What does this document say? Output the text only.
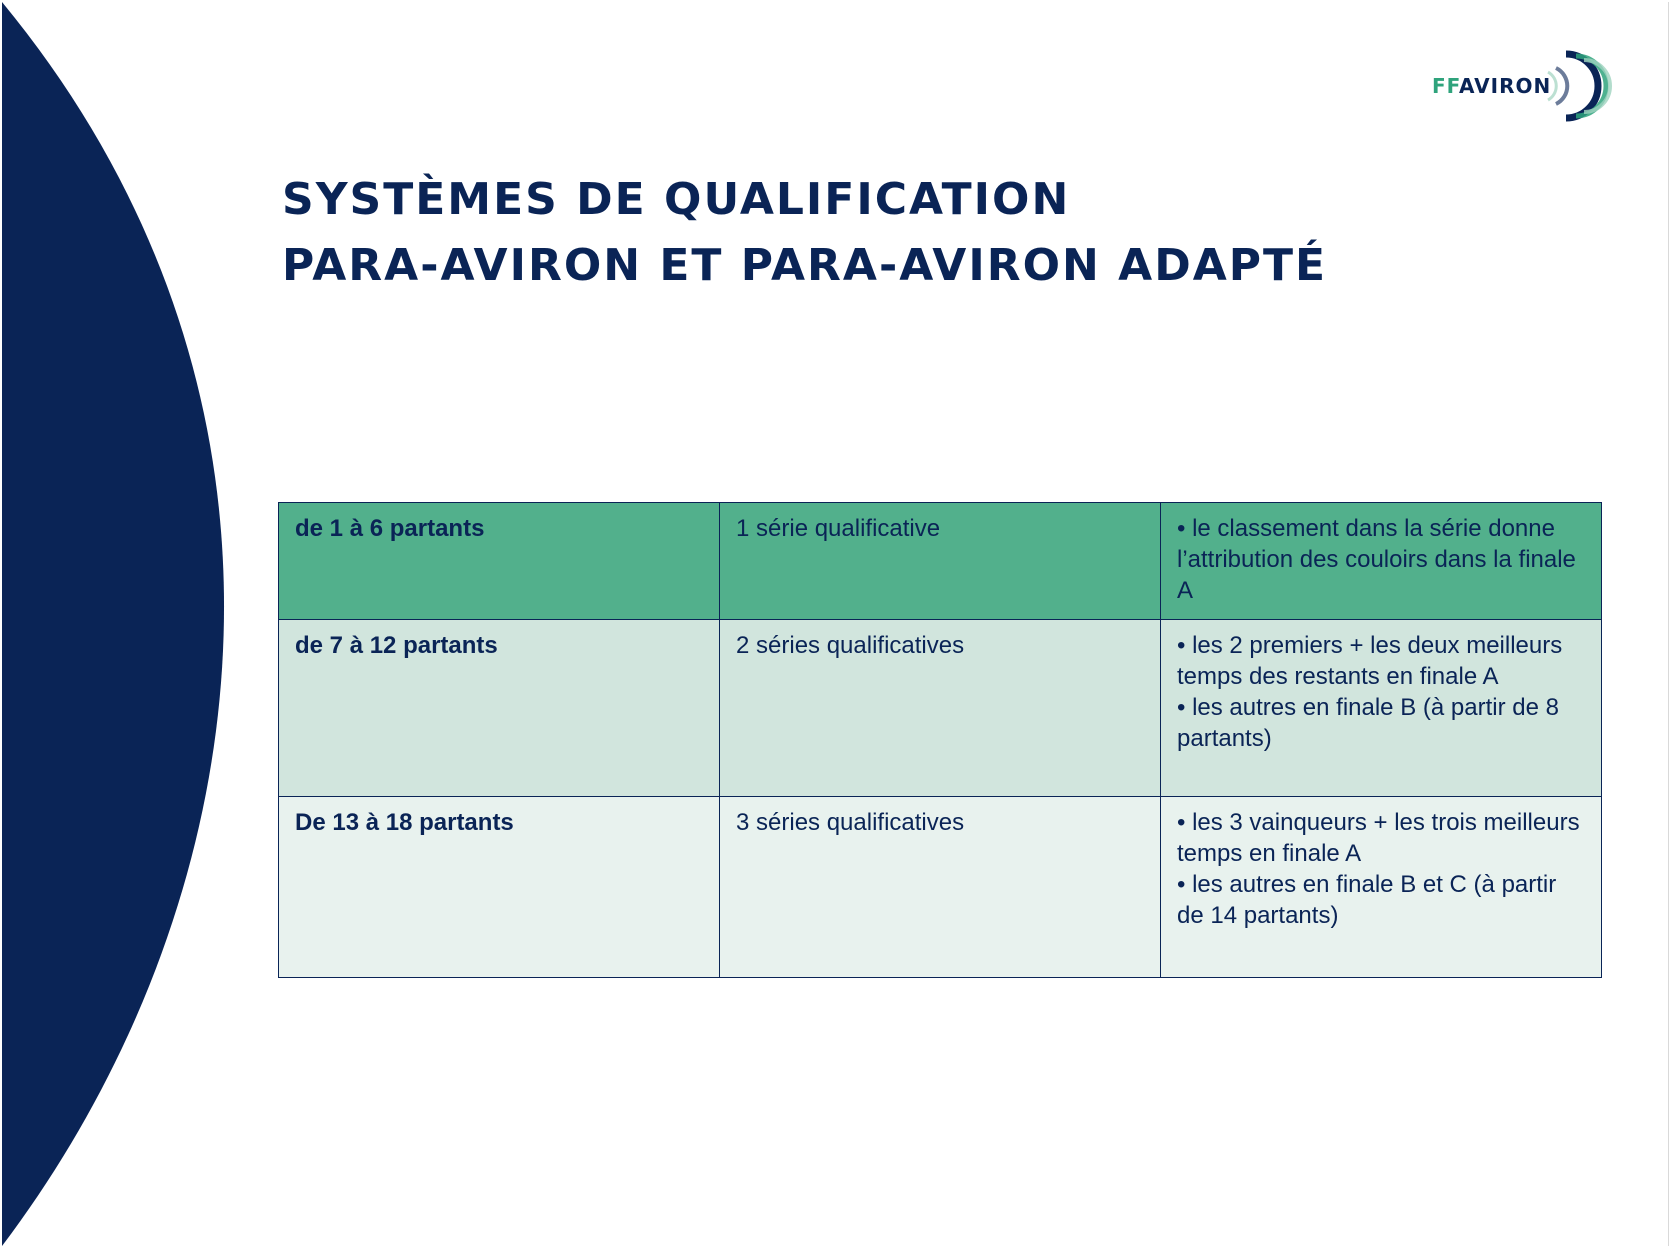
FFAVIRON
SYSTÈMES DE QUALIFICATION
PARA-AVIRON ET PARA-AVIRON ADAPTÉ
de 1 à 6 partants	1 série qualificative	• le classement dans la série donne l’attribution des couloirs dans la finale A

de 7 à 12 partants	2 séries qualificatives	• les 2 premiers + les deux meilleurs temps des restants en finale A
• les autres en finale B (à partir de 8 partants)

De 13 à 18 partants	3 séries qualificatives	• les 3 vainqueurs + les trois meilleurs temps en finale A
• les autres en finale B et C (à partir de 14 partants)
